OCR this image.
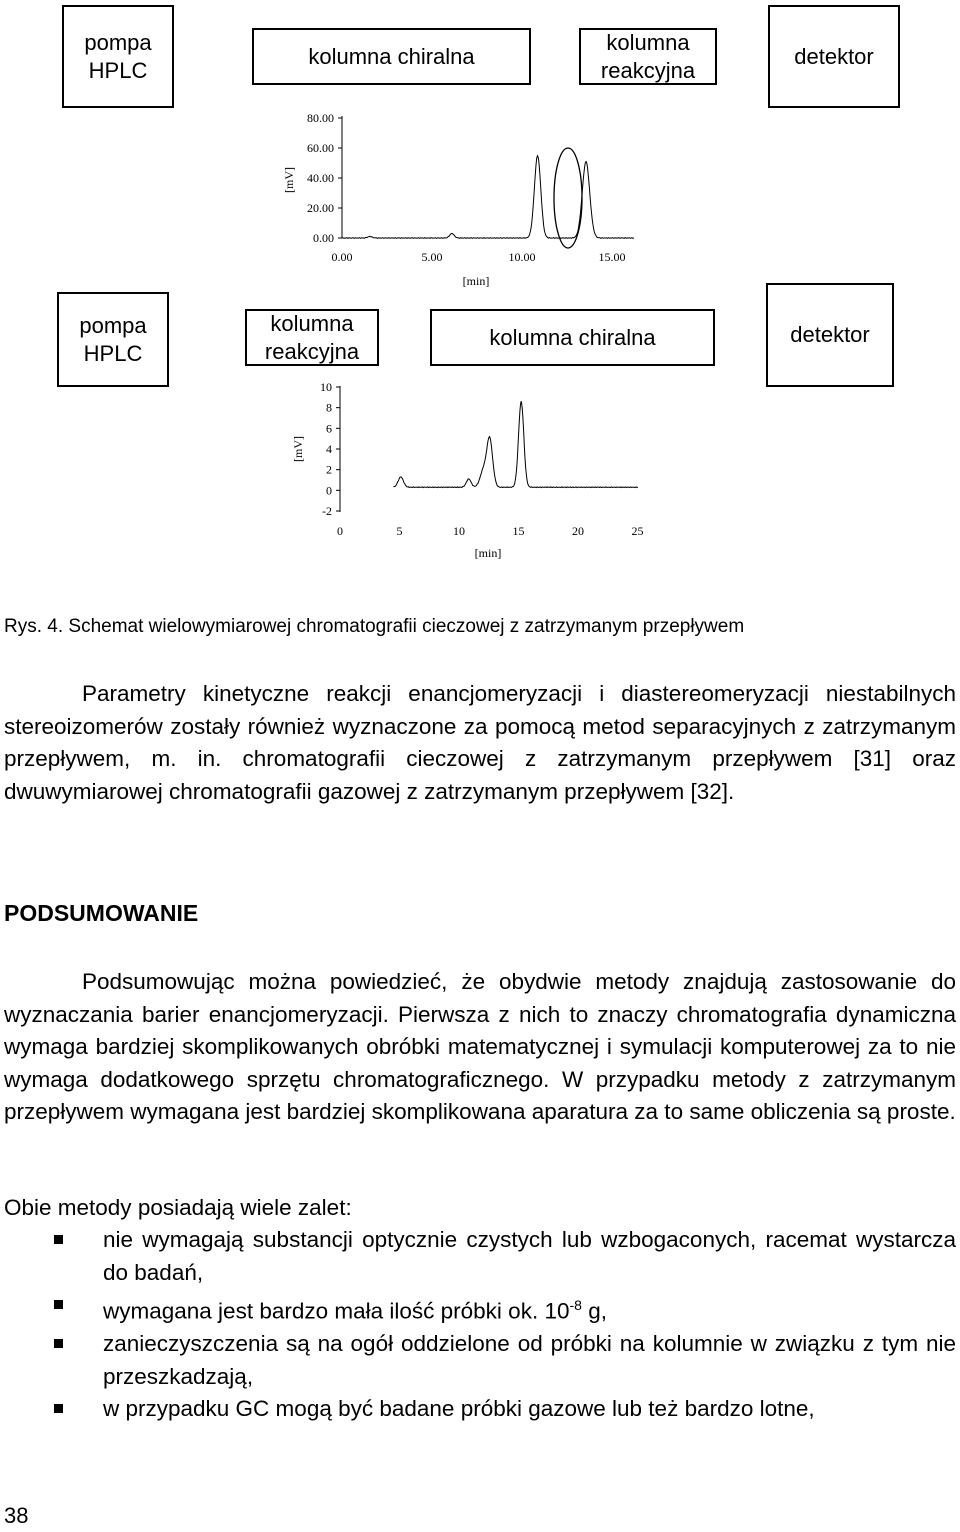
pompa
HPLC
kolumna chiralna
kolumna
reakcyjna
detektor
80.00
60.00
40.00
20.00
0.00
0.00	5.00	10.00	15.00
[mV]
[min]
pompa
HPLC
kolumna
reakcyjna
kolumna chiralna	detektor
10
8
6
4
2
0
-2
0	5	10	15	20	25
[mV]
[min]
Rys. 4. Schemat wielowymiarowej chromatografii cieczowej z zatrzymanym przepływem

Parametry kinetyczne reakcji enancjomeryzacji i diastereomeryzacji niestabilnych stereoizomerów zostały również wyznaczone za pomocą metod separacyjnych z zatrzymanym przepływem, m. in. chromatografii cieczowej z zatrzymanym przepływem [31] oraz dwuwymiarowej chromatografii gazowej z zatrzymanym przepływem [32].

PODSUMOWANIE

Podsumowując można powiedzieć, że obydwie metody znajdują zastosowanie do wyznaczania barier enancjomeryzacji. Pierwsza z nich to znaczy chromatografia dynamiczna wymaga bardziej skomplikowanych obróbki matematycznej i symulacji komputerowej za to nie wymaga dodatkowego sprzętu chromatograficznego. W przypadku metody z zatrzymanym przepływem wymagana jest bardziej skomplikowana aparatura za to same obliczenia są proste.

Obie metody posiadają wiele zalet:

nie wymagają substancji optycznie czystych lub wzbogaconych, racemat wystarcza do badań,
wymagana jest bardzo mała ilość próbki ok. $10^{-8}$ g,
zanieczyszczenia są na ogół oddzielone od próbki na kolumnie w związku z tym nie przeszkadzają,
w przypadku GC mogą być badane próbki gazowe lub też bardzo lotne,
38
